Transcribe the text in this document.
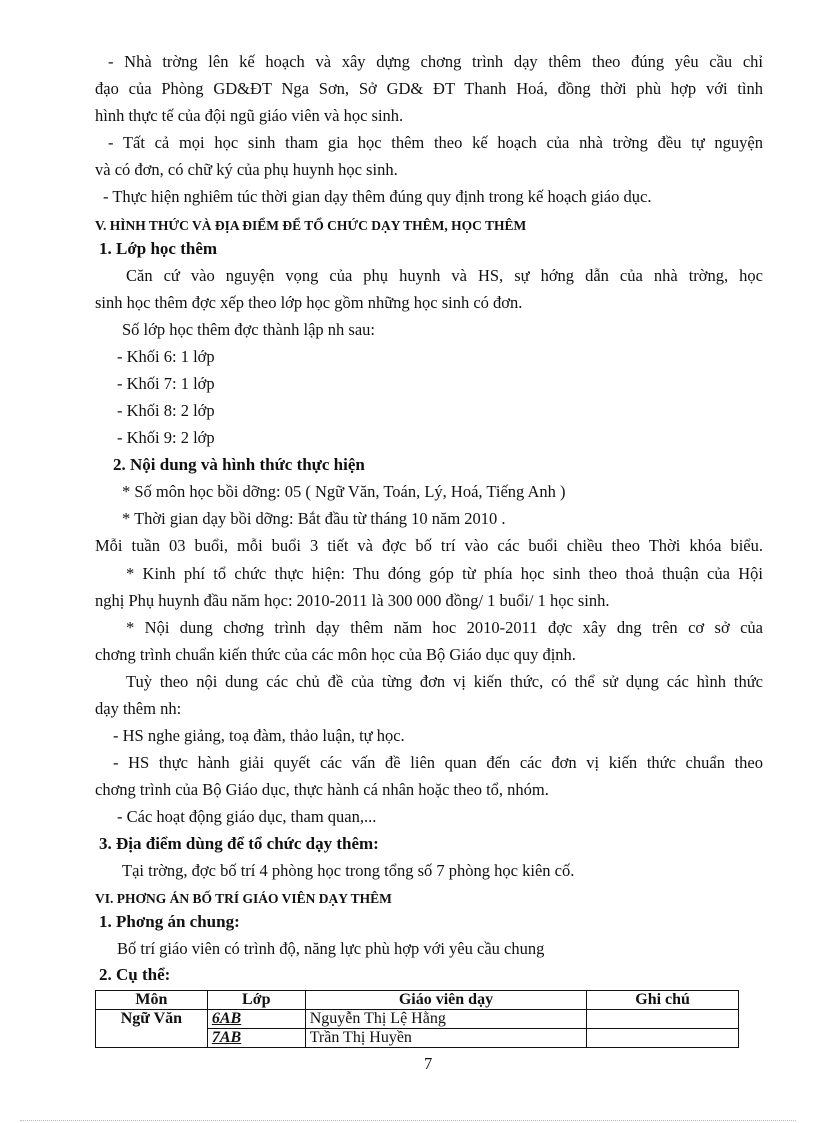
- Nhà trờng lên kế hoạch và xây dựng chơng trình dạy thêm theo đúng yêu cầu chỉ

đạo của Phòng GD&ĐT Nga Sơn, Sở GD& ĐT Thanh Hoá, đồng thời phù hợp với tình

hình thực tế của đội ngũ giáo viên và học sinh.

- Tất cả mọi học sinh tham gia học thêm theo kế hoạch của nhà trờng đều tự nguyện

và có đơn, có chữ ký của phụ huynh học sinh.

- Thực hiện nghiêm túc thời gian dạy thêm đúng quy định trong kế hoạch giáo dục.

V. HÌNH THỨC VÀ ĐỊA ĐIỂM ĐỂ TỔ CHỨC DẠY THÊM, HỌC THÊM

1. Lớp học thêm

Căn cứ vào nguyện vọng của phụ huynh và HS, sự hớng dẫn của nhà trờng, học

sinh học thêm đợc xếp theo lớp học gồm những học sinh có đơn.

Số lớp học thêm đợc thành lập nh sau:

- Khối 6: 1 lớp

- Khối 7: 1 lớp

- Khối 8: 2 lớp

- Khối 9: 2 lớp

2. Nội dung và hình thức thực hiện

* Số môn học bồi dỡng: 05 ( Ngữ Văn, Toán, Lý, Hoá, Tiếng Anh )

* Thời gian dạy bồi dỡng: Bắt đầu từ tháng 10 năm 2010 .

Mỗi tuần 03 buổi, mỗi buổi 3 tiết và đợc bố trí vào các buổi chiều theo Thời khóa biểu.

* Kinh phí tổ chức thực hiện: Thu đóng góp từ phía học sinh theo thoả thuận của Hội

nghị Phụ huynh đầu năm học: 2010-2011 là 300 000 đồng/ 1 buổi/ 1 học sinh.

* Nội dung chơng trình dạy thêm năm hoc 2010-2011 đợc xây dng trên cơ sở của

chơng trình chuẩn kiến thức của các môn học của Bộ Giáo dục quy định.

Tuỳ theo nội dung các chủ đề của từng đơn vị kiến thức, có thể sử dụng các hình thức

dạy thêm nh:

- HS nghe giảng, toạ đàm, thảo luận, tự học.

- HS thực hành giải quyết các vấn đề liên quan đến các đơn vị kiến thức chuẩn theo

chơng trình của Bộ Giáo dục, thực hành cá nhân hoặc theo tổ, nhóm.

- Các hoạt động giáo dục, tham quan,...

3. Địa điểm dùng để tổ chức dạy thêm:

Tại trờng, đợc bố trí 4 phòng học trong tổng số 7 phòng học kiên cố.

VI. PHƠNG ÁN BỐ TRÍ GIÁO VIÊN DẠY THÊM

1. Phơng án chung:

Bố trí giáo viên có trình độ, năng lực phù hợp với yêu cầu chung

2. Cụ thể:

Môn	Lớp	Giáo viên dạy	Ghi chú
Ngữ Văn	6AB	Nguyễn Thị Lệ Hằng	
	7AB	Trần Thị Huyền	

7
